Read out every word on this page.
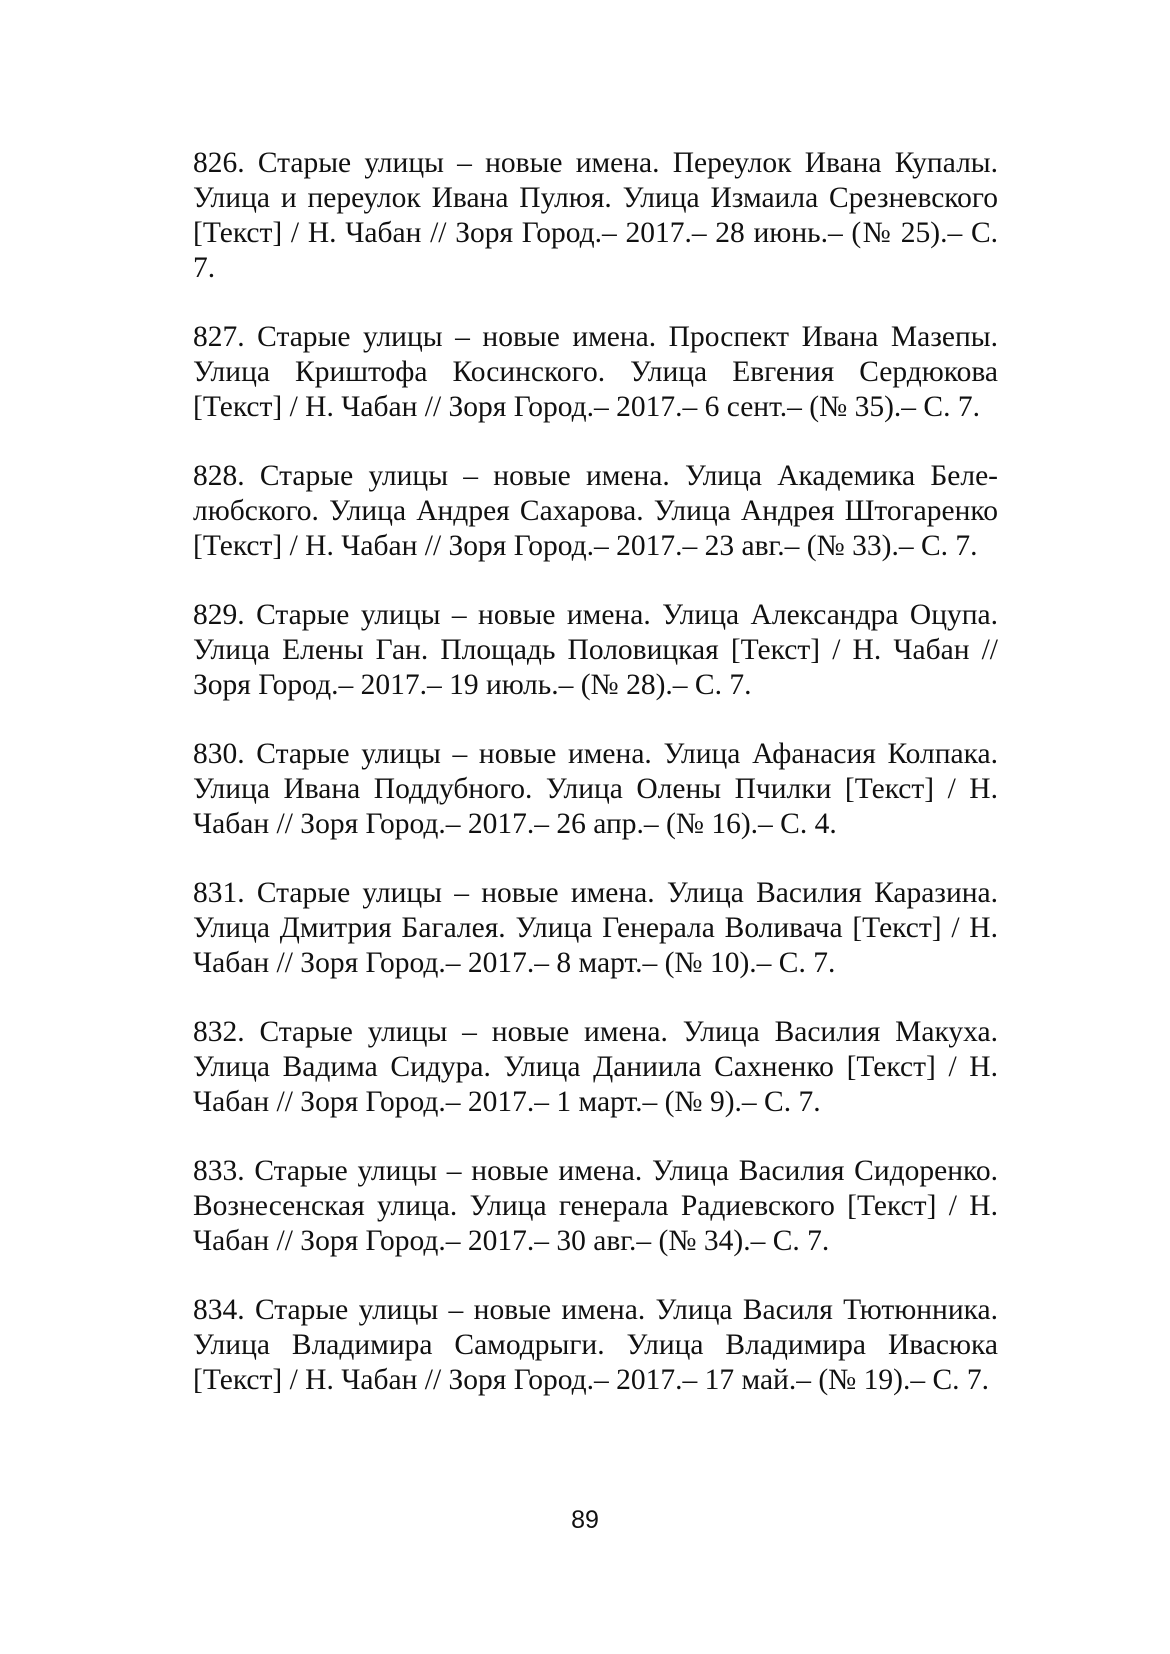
826. Старые улицы – новые имена. Переулок Ивана Купалы. Улица и переулок Ивана Пулюя. Улица Измаила Срезневского [Текст] / Н. Чабан // Зоря Город.– 2017.– 28 июнь.– (№ 25).– С. 7.

827. Старые улицы – новые имена. Проспект Ивана Мазепы. Улица Криштофа Косинского. Улица Евгения Сердюкова [Текст] / Н. Чабан // Зоря Город.– 2017.– 6 сент.– (№ 35).– С. 7.

828. Старые улицы – новые имена. Улица Академика Белелюбского. Улица Андрея Сахарова. Улица Андрея Штогаренко [Текст] / Н. Чабан // Зоря Город.– 2017.– 23 авг.– (№ 33).– С. 7.

829. Старые улицы – новые имена. Улица Александра Оцупа. Улица Елены Ган. Площадь Половицкая [Текст] / Н. Чабан // Зоря Город.– 2017.– 19 июль.– (№ 28).– С. 7.

830. Старые улицы – новые имена. Улица Афанасия Колпака. Улица Ивана Поддубного. Улица Олены Пчилки [Текст] / Н. Чабан // Зоря Город.– 2017.– 26 апр.– (№ 16).– С. 4.

831. Старые улицы – новые имена. Улица Василия Каразина. Улица Дмитрия Багалея. Улица Генерала Воливача [Текст] / Н. Чабан // Зоря Город.– 2017.– 8 март.– (№ 10).– С. 7.

832. Старые улицы – новые имена. Улица Василия Макуха. Улица Вадима Сидура. Улица Даниила Сахненко [Текст] / Н. Чабан // Зоря Город.– 2017.– 1 март.– (№ 9).– С. 7.

833. Старые улицы – новые имена. Улица Василия Сидоренко. Вознесенская улица. Улица генерала Радиевского [Текст] / Н. Чабан // Зоря Город.– 2017.– 30 авг.– (№ 34).– С. 7.

834. Старые улицы – новые имена. Улица Василя Тютюнника. Улица Владимира Самодрыги. Улица Владимира Ивасюка [Текст] / Н. Чабан // Зоря Город.– 2017.– 17 май.– (№ 19).– С. 7.

89
